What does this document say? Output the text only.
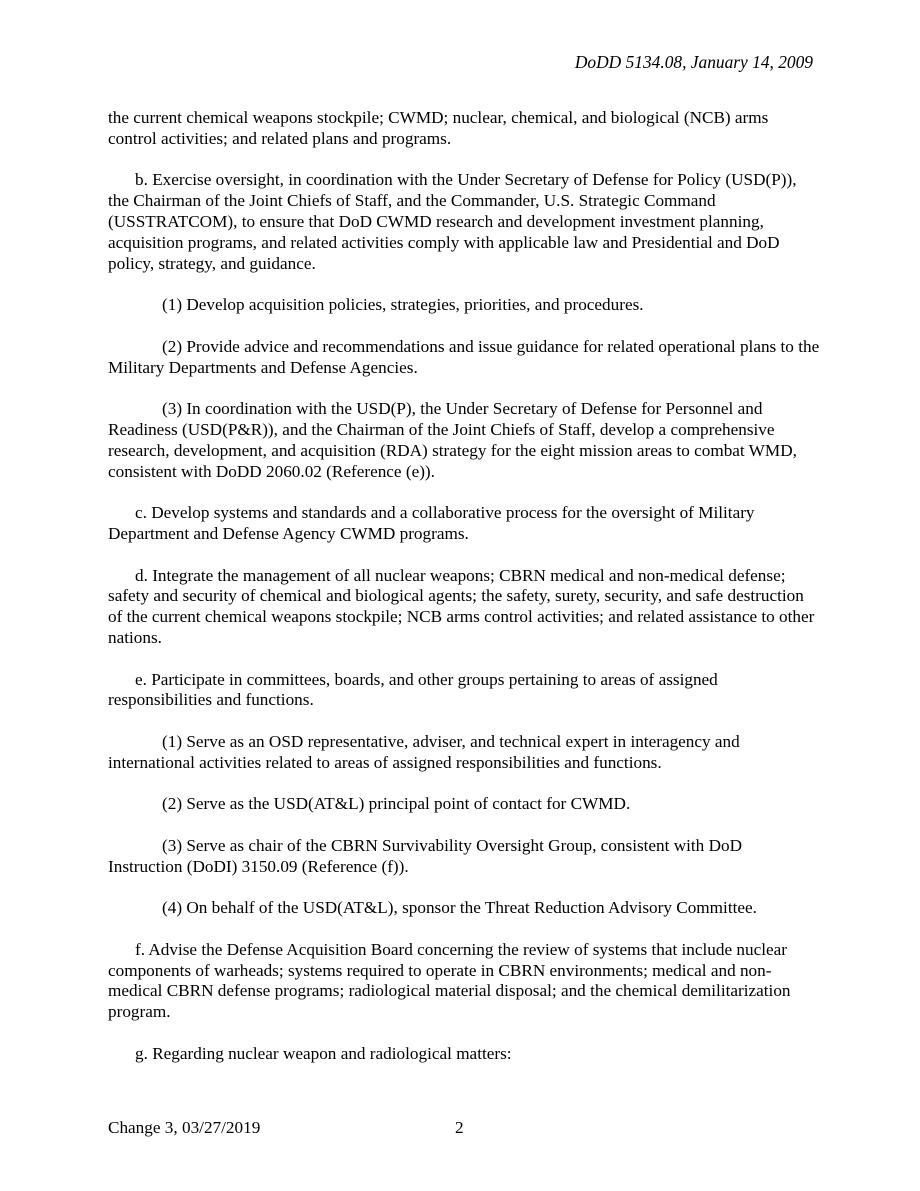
DoDD 5134.08, January 14, 2009

the current chemical weapons stockpile; CWMD; nuclear, chemical, and biological (NCB) arms control activities; and related plans and programs.

b. Exercise oversight, in coordination with the Under Secretary of Defense for Policy (USD(P)), the Chairman of the Joint Chiefs of Staff, and the Commander, U.S. Strategic Command (USSTRATCOM), to ensure that DoD CWMD research and development investment planning, acquisition programs, and related activities comply with applicable law and Presidential and DoD policy, strategy, and guidance.

(1) Develop acquisition policies, strategies, priorities, and procedures.

(2) Provide advice and recommendations and issue guidance for related operational plans to the Military Departments and Defense Agencies.

(3) In coordination with the USD(P), the Under Secretary of Defense for Personnel and Readiness (USD(P&R)), and the Chairman of the Joint Chiefs of Staff, develop a comprehensive research, development, and acquisition (RDA) strategy for the eight mission areas to combat WMD, consistent with DoDD 2060.02 (Reference (e)).

c. Develop systems and standards and a collaborative process for the oversight of Military Department and Defense Agency CWMD programs.

d. Integrate the management of all nuclear weapons; CBRN medical and non-medical defense; safety and security of chemical and biological agents; the safety, surety, security, and safe destruction of the current chemical weapons stockpile; NCB arms control activities; and related assistance to other nations.

e. Participate in committees, boards, and other groups pertaining to areas of assigned responsibilities and functions.

(1) Serve as an OSD representative, adviser, and technical expert in interagency and international activities related to areas of assigned responsibilities and functions.

(2) Serve as the USD(AT&L) principal point of contact for CWMD.

(3) Serve as chair of the CBRN Survivability Oversight Group, consistent with DoD Instruction (DoDI) 3150.09 (Reference (f)).

(4) On behalf of the USD(AT&L), sponsor the Threat Reduction Advisory Committee.

f. Advise the Defense Acquisition Board concerning the review of systems that include nuclear components of warheads; systems required to operate in CBRN environments; medical and non-medical CBRN defense programs; radiological material disposal; and the chemical demilitarization program.

g. Regarding nuclear weapon and radiological matters:

Change 3, 03/27/2019	2
